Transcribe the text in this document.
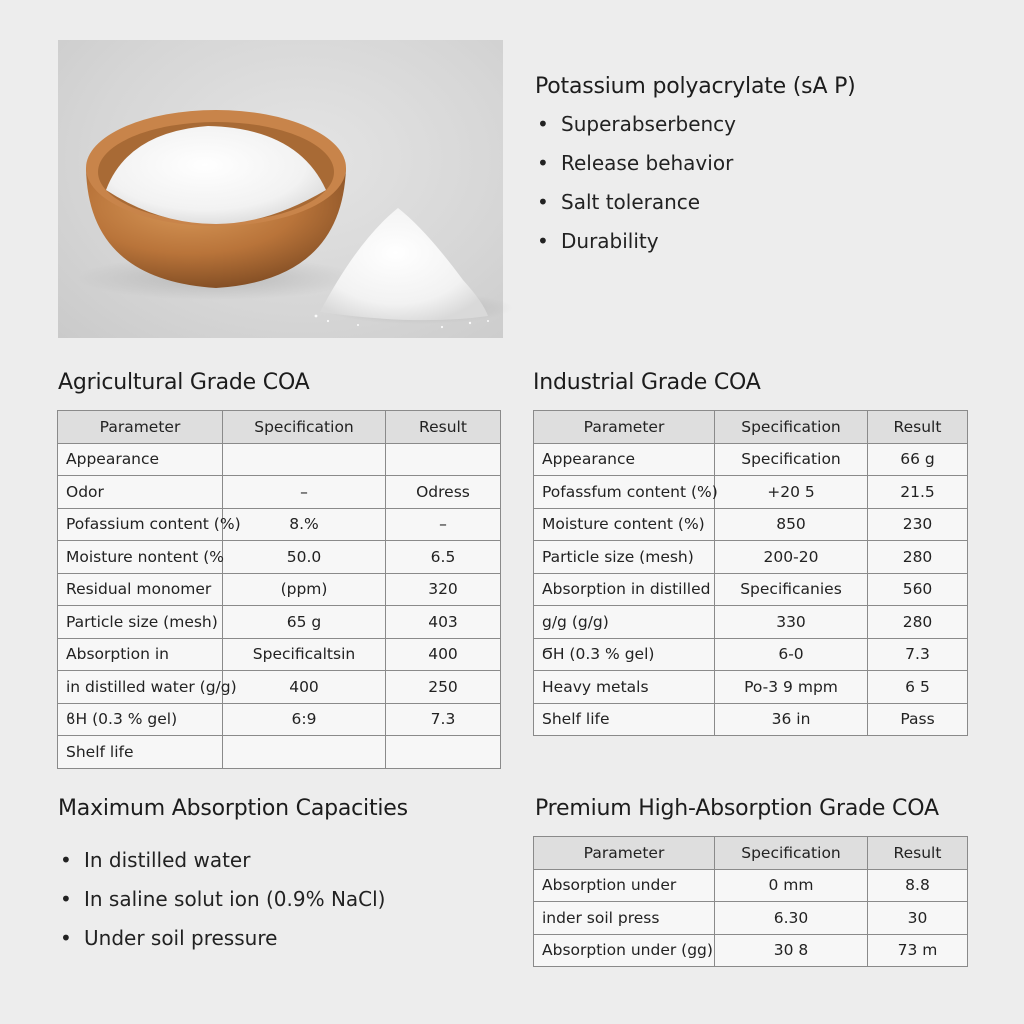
Potassium polyacrylate (sA P)
• Superabserbency
• Release behavior
• Salt tolerance
• Durability
Agricultural Grade COA
Parameter	Specification	Result
Appearance		
Odor	–	Odress
Pofassium content (%)	8.%	–
Moisture nontent (%	50.0	6.5
Residual monomer	(ppm)	320
Particle size (mesh)	65 g	403
Absorption in	Specificaltsin	400
in distilled water (g/g)	400	250
ϐH (0.3 % gel)	6:9	7.3
Shelf life		
Industrial Grade COA
Parameter	Specification	Result
Appearance	Specification	66 g
Pofassfum content (%)	+20 5	21.5
Moisture content (%)	850	230
Particle size (mesh)	200-20	280
Absorption in distilled	Specificanies	560
g/g (g/g)	330	280
ϬH (0.3 % gel)	6-0	7.3
Heavy metals	Po-3 9 mpm	6 5
Shelf life	36 in	Pass
Maximum Absorption Capacities
• In distilled water
• In saline solut ion (0.9% NaCl)
• Under soil pressure
Premium High-Absorption Grade COA
Parameter	Specification	Result
Absorption under	0 mm	8.8
inder soil press	6.30	30
Absorption under (gg)	30 8	73 m
